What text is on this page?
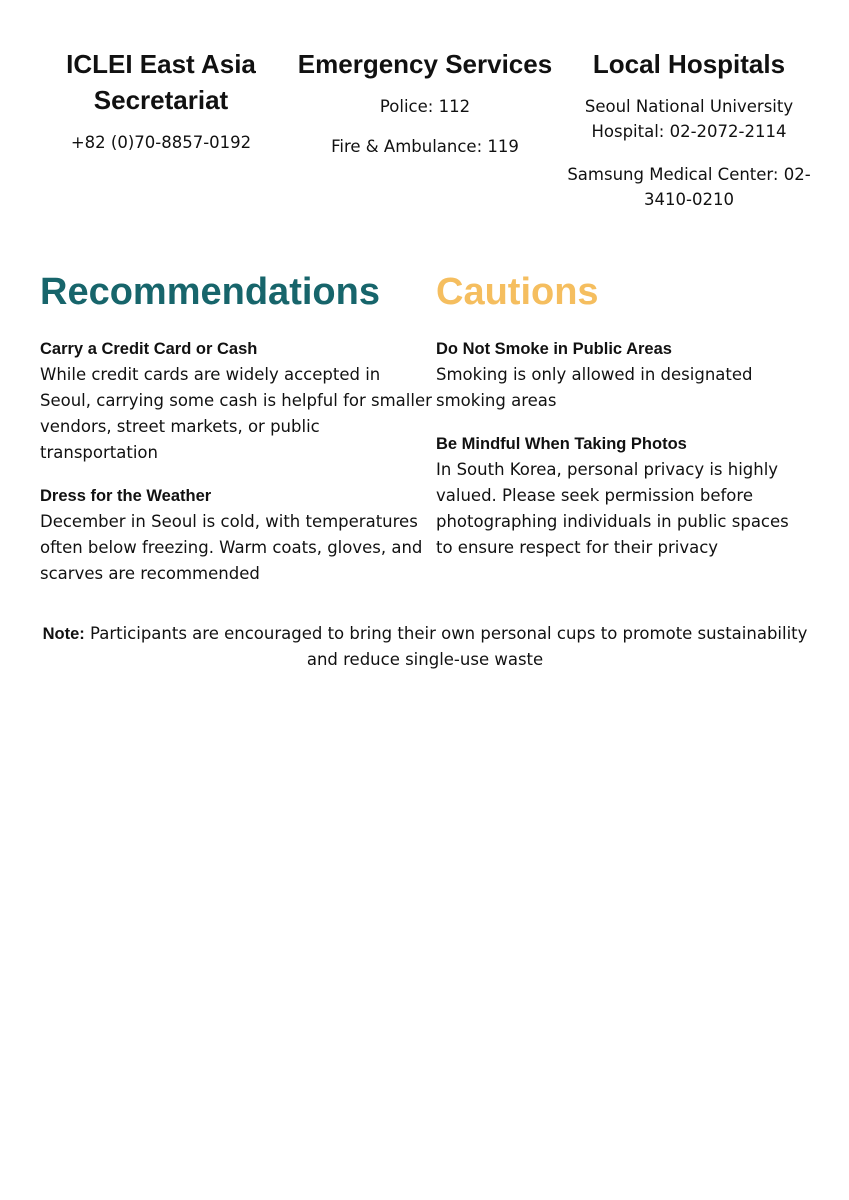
ICLEI East Asia Secretariat

+82 (0)70-8857-0192

Emergency Services

Police: 112

Fire & Ambulance: 119

Local Hospitals

Seoul National University Hospital: 02-2072-2114

Samsung Medical Center: 02-3410-0210

Recommendations
Carry a Credit Card or Cash
While credit cards are widely accepted in Seoul, carrying some cash is helpful for smaller vendors, street markets, or public transportation
Dress for the Weather
December in Seoul is cold, with temperatures often below freezing. Warm coats, gloves, and scarves are recommended
Cautions
Do Not Smoke in Public Areas
Smoking is only allowed in designated smoking areas
Be Mindful When Taking Photos
In South Korea, personal privacy is highly valued. Please seek permission before photographing individuals in public spaces to ensure respect for their privacy
Note: Participants are encouraged to bring their own personal cups to promote sustainability and reduce single-use waste
